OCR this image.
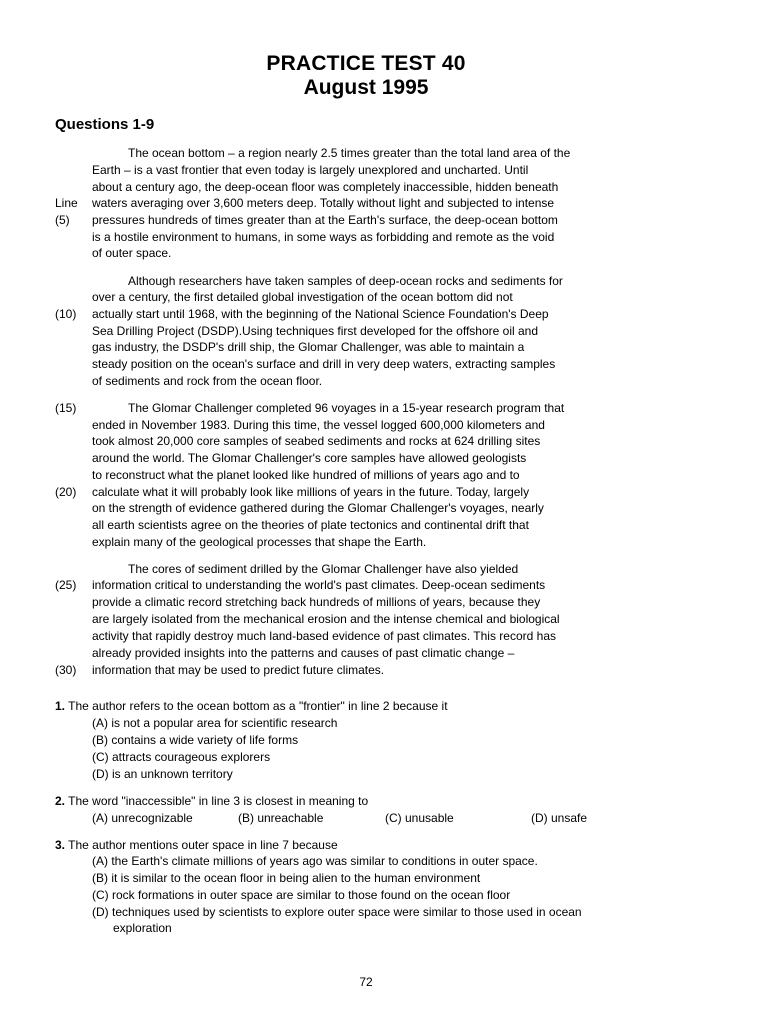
PRACTICE TEST 40
August 1995
Questions 1-9
The ocean bottom – a region nearly 2.5 times greater than the total land area of the
Earth – is a vast frontier that even today is largely unexplored and uncharted. Until
about a century ago, the deep-ocean floor was completely inaccessible, hidden beneath
Line waters averaging over 3,600 meters deep. Totally without light and subjected to intense
(5) pressures hundreds of times greater than at the Earth's surface, the deep-ocean bottom
is a hostile environment to humans, in some ways as forbidding and remote as the void
of outer space.
Although researchers have taken samples of deep-ocean rocks and sediments for
over a century, the first detailed global investigation of the ocean bottom did not
(10) actually start until 1968, with the beginning of the National Science Foundation's Deep
Sea Drilling Project (DSDP).Using techniques first developed for the offshore oil and
gas industry, the DSDP's drill ship, the Glomar Challenger, was able to maintain a
steady position on the ocean's surface and drill in very deep waters, extracting samples
of sediments and rock from the ocean floor.
(15)	The Glomar Challenger completed 96 voyages in a 15-year research program that
ended in November 1983. During this time, the vessel logged 600,000 kilometers and
took almost 20,000 core samples of seabed sediments and rocks at 624 drilling sites
around the world. The Glomar Challenger's core samples have allowed geologists
to reconstruct what the planet looked like hundred of millions of years ago and to
(20) calculate what it will probably look like millions of years in the future. Today, largely
on the strength of evidence gathered during the Glomar Challenger's voyages, nearly
all earth scientists agree on the theories of plate tectonics and continental drift that
explain many of the geological processes that shape the Earth.
The cores of sediment drilled by the Glomar Challenger have also yielded
(25) information critical to understanding the world's past climates. Deep-ocean sediments
provide a climatic record stretching back hundreds of millions of years, because they
are largely isolated from the mechanical erosion and the intense chemical and biological
activity that rapidly destroy much land-based evidence of past climates. This record has
already provided insights into the patterns and causes of past climatic change –
(30) information that may be used to predict future climates.
1. The author refers to the ocean bottom as a "frontier" in line 2 because it
(A) is not a popular area for scientific research
(B) contains a wide variety of life forms
(C) attracts courageous explorers
(D) is an unknown territory
2. The word "inaccessible" in line 3 is closest in meaning to
(A) unrecognizable	(B) unreachable	(C) unusable	(D) unsafe
3. The author mentions outer space in line 7 because
(A) the Earth's climate millions of years ago was similar to conditions in outer space.
(B) it is similar to the ocean floor in being alien to the human environment
(C) rock formations in outer space are similar to those found on the ocean floor
(D) techniques used by scientists to explore outer space were similar to those used in ocean
exploration
72
